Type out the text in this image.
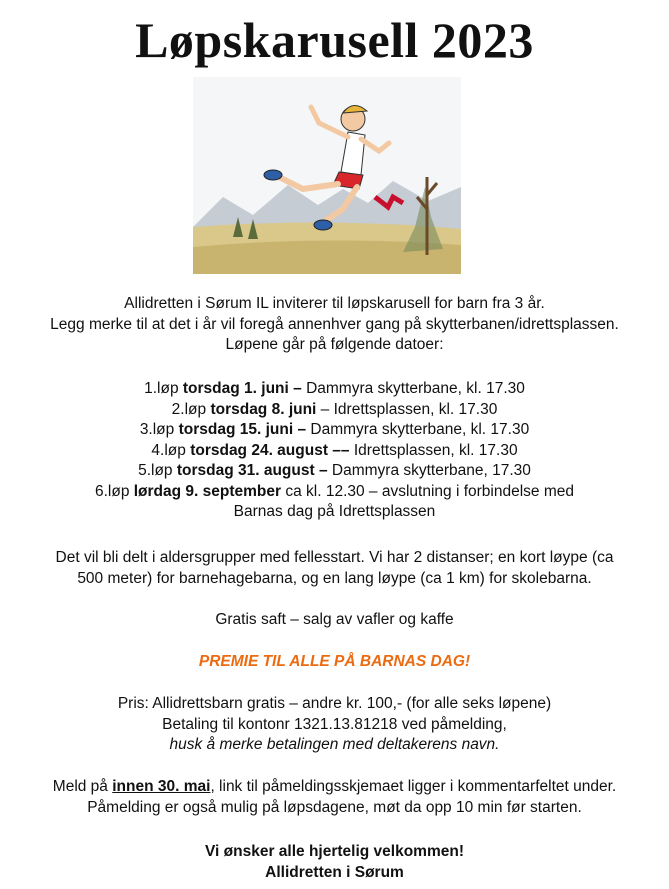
Løpskarusell 2023

Allidretten i Sørum IL inviterer til løpskarusell for barn fra 3 år.

Legg merke til at det i år vil foregå annenhver gang på skytterbanen/idrettsplassen.

Løpene går på følgende datoer:

1.løp torsdag 1. juni – Dammyra skytterbane, kl. 17.30

2.løp torsdag 8. juni – Idrettsplassen, kl. 17.30

3.løp torsdag 15. juni – Dammyra skytterbane, kl. 17.30

4.løp torsdag 24. august –– Idrettsplassen, kl. 17.30

5.løp torsdag 31. august – Dammyra skytterbane, 17.30

6.løp lørdag 9. september ca kl. 12.30 – avslutning i forbindelse med

Barnas dag på Idrettsplassen

Det vil bli delt i aldersgrupper med fellesstart. Vi har 2 distanser; en kort løype (ca

500 meter) for barnehagebarna, og en lang løype (ca 1 km) for skolebarna.

Gratis saft – salg av vafler og kaffe
PREMIE TIL ALLE PÅ BARNAS DAG!

Pris: Allidrettsbarn gratis – andre kr. 100,- (for alle seks løpene)

Betaling til kontonr 1321.13.81218 ved påmelding,

husk å merke betalingen med deltakerens navn.

Meld på innen 30. mai, link til påmeldingsskjemaet ligger i kommentarfeltet under.

Påmelding er også mulig på løpsdagene, møt da opp 10 min før starten.

Vi ønsker alle hjertelig velkommen!

Allidretten i Sørum
